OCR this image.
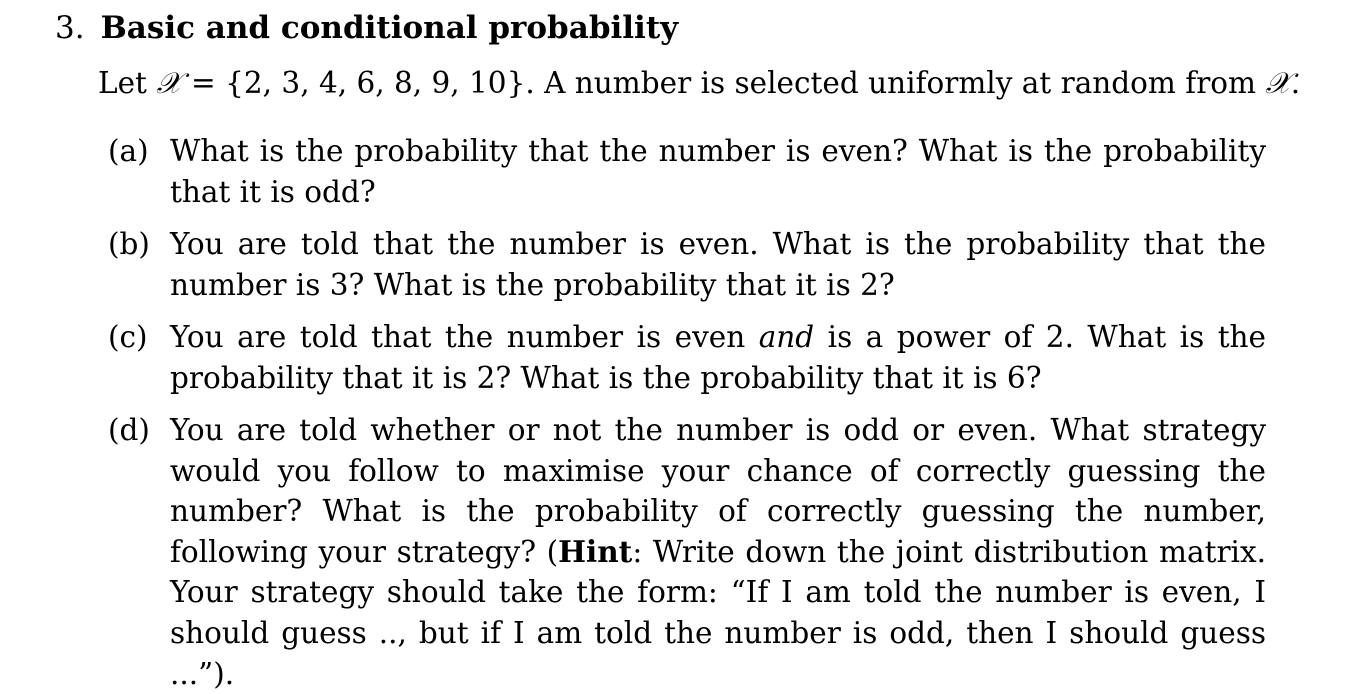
3. Basic and conditional probability
Let 𝒳 = {2, 3, 4, 6, 8, 9, 10}. A number is selected uniformly at random from 𝒳.
(a) What is the probability that the number is even? What is the probability that it is odd?
(b) You are told that the number is even. What is the probability that the number is 3? What is the probability that it is 2?
(c) You are told that the number is even and is a power of 2. What is the probability that it is 2? What is the probability that it is 6?
(d) You are told whether or not the number is odd or even. What strategy would you follow to maximise your chance of correctly guessing the number? What is the probability of correctly guessing the number, following your strategy? (Hint: Write down the joint distribution matrix. Your strategy should take the form: “If I am told the number is even, I should guess .., but if I am told the number is odd, then I should guess ...”).
